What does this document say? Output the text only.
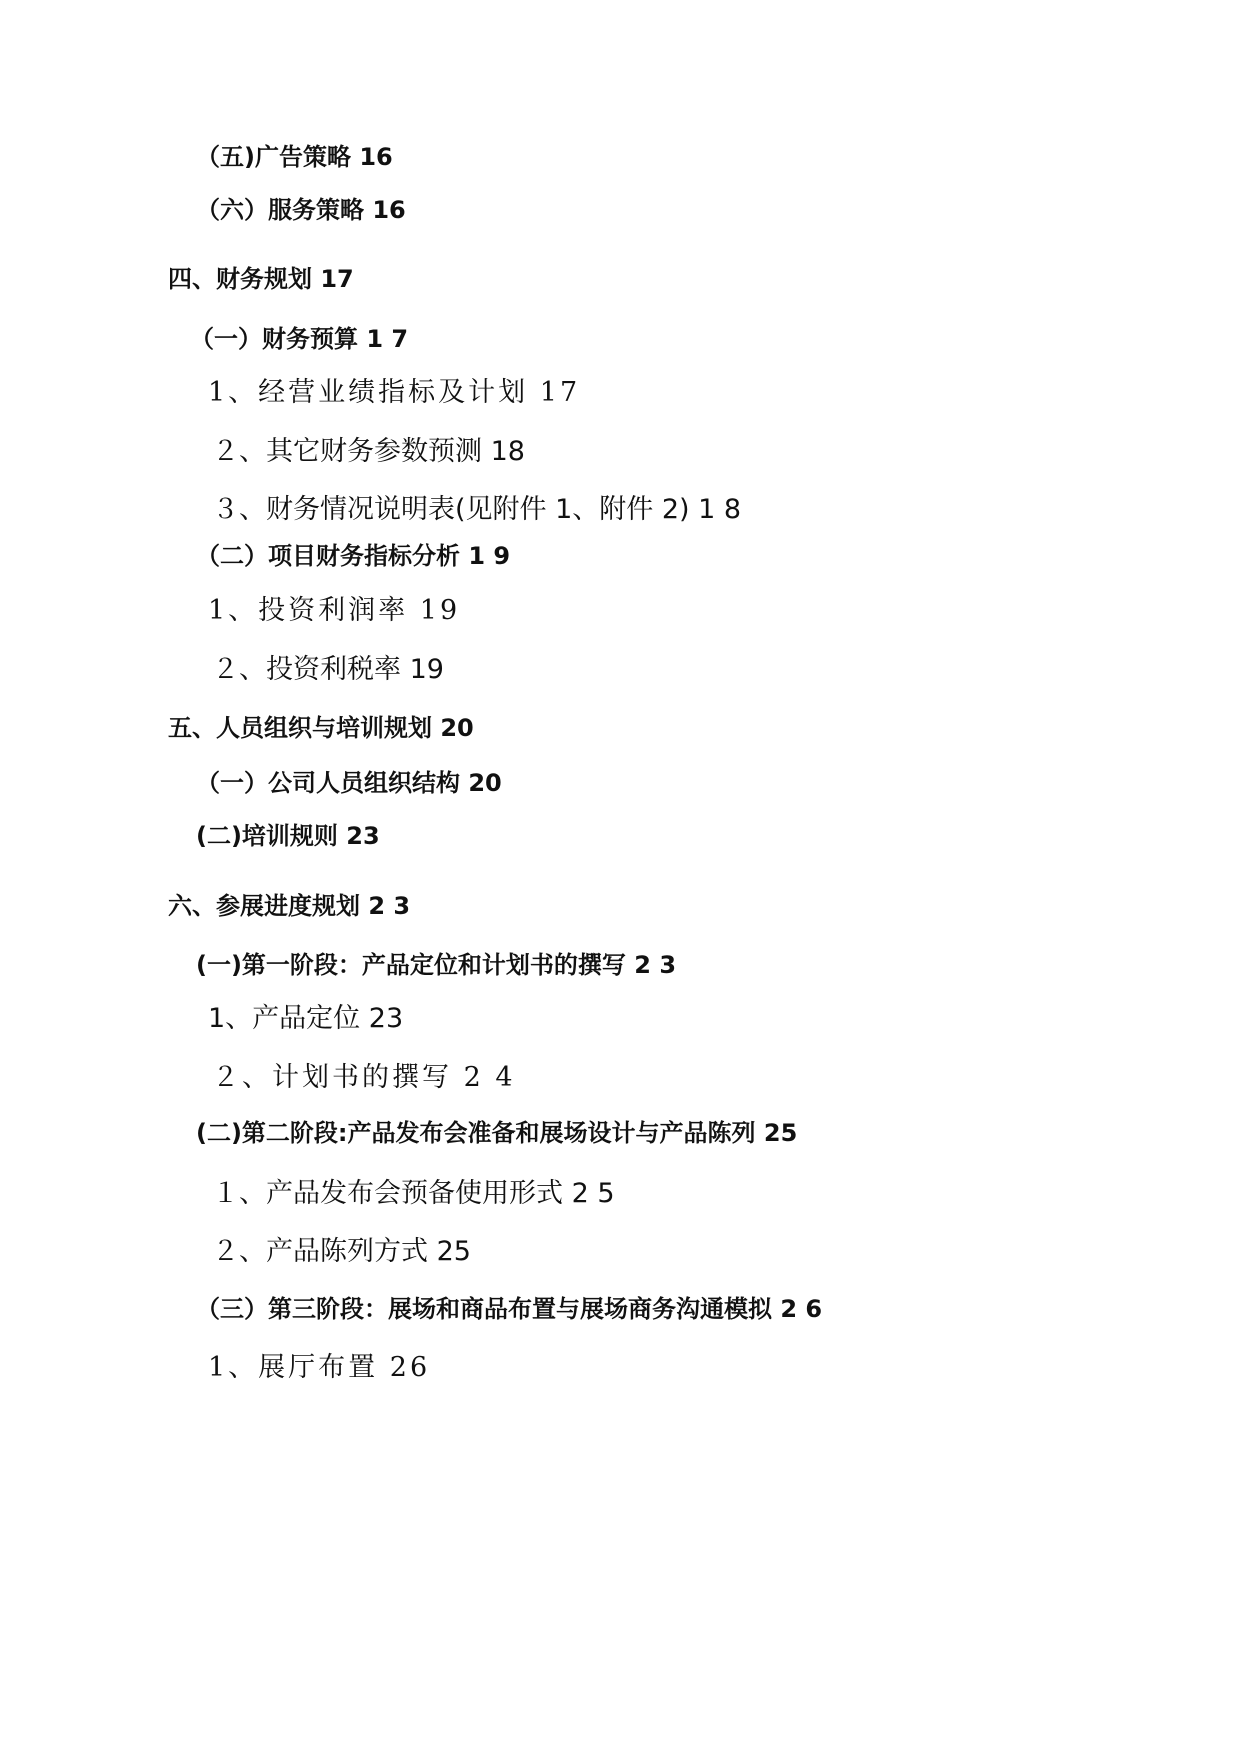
（五)广告策略 16
（六）服务策略 16
四、财务规划 17
（一）财务预算 1 7
1、经营业绩指标及计划 17
２、其它财务参数预测 18
３、财务情况说明表(见附件 1、附件 2) 1 8
（二）项目财务指标分析 1 9
1、投资利润率 19
２、投资利税率 19
五、人员组织与培训规划 20
（一）公司人员组织结构 20
(二)培训规则 23
六、参展进度规划 2 3
(一)第一阶段：产品定位和计划书的撰写 2 3
1、产品定位 23
２、计划书的撰写 2 4
(二)第二阶段:产品发布会准备和展场设计与产品陈列 25
１、产品发布会预备使用形式 2 5
２、产品陈列方式 25
（三）第三阶段：展场和商品布置与展场商务沟通模拟 2 6
1、展厅布置 26
